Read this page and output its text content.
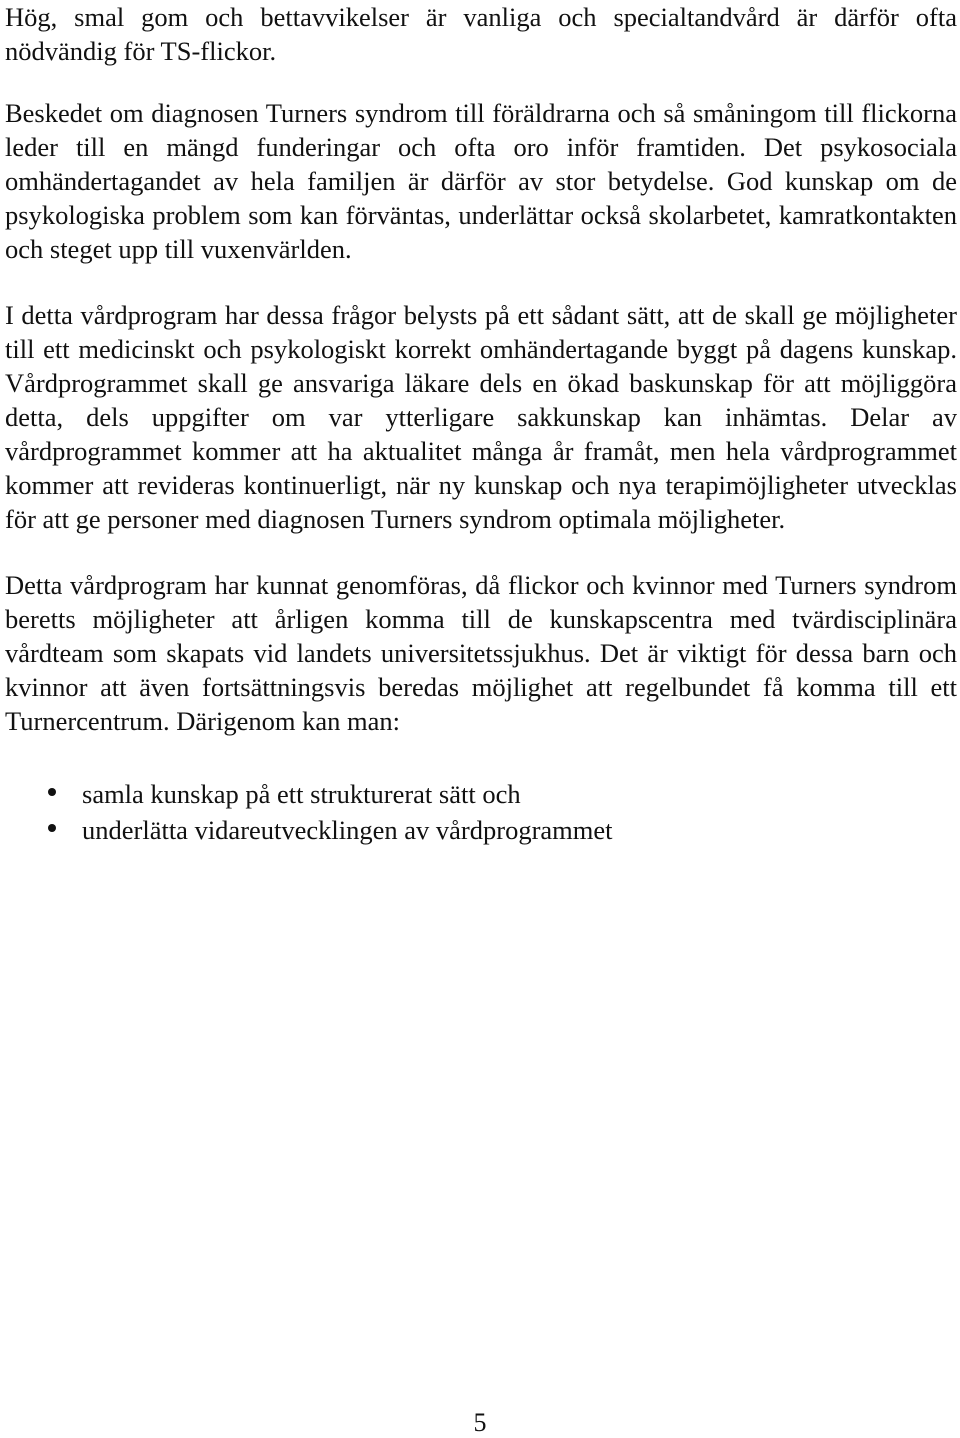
Hög, smal gom och bettavvikelser är vanliga och specialtandvård är därför ofta nödvändig för TS-flickor.

Beskedet om diagnosen Turners syndrom till föräldrarna och så småningom till flickorna leder till en mängd funderingar och ofta oro inför framtiden. Det psykosociala omhändertagandet av hela familjen är därför av stor betydelse. God kunskap om de psykologiska problem som kan förväntas, underlättar också skolarbetet, kamratkontakten och steget upp till vuxenvärlden.

I detta vårdprogram har dessa frågor belysts på ett sådant sätt, att de skall ge möjligheter till ett medicinskt och psykologiskt korrekt omhändertagande byggt på dagens kunskap. Vårdprogrammet skall ge ansvariga läkare dels en ökad baskunskap för att möjliggöra detta, dels uppgifter om var ytterligare sakkunskap kan inhämtas. Delar av vårdprogrammet kommer att ha aktualitet många år framåt, men hela vårdprogrammet kommer att revideras kontinuerligt, när ny kunskap och nya terapimöjligheter utvecklas för att ge personer med diagnosen Turners syndrom optimala möjligheter.

Detta vårdprogram har kunnat genomföras, då flickor och kvinnor med Turners syndrom beretts möjligheter att årligen komma till de kunskapscentra med tvärdisciplinära vårdteam som skapats vid landets universitetssjukhus. Det är viktigt för dessa barn och kvinnor att även fortsättningsvis beredas möjlighet att regelbundet få komma till ett Turnercentrum. Därigenom kan man:

samla kunskap på ett strukturerat sätt och
underlätta vidareutvecklingen av vårdprogrammet
5
